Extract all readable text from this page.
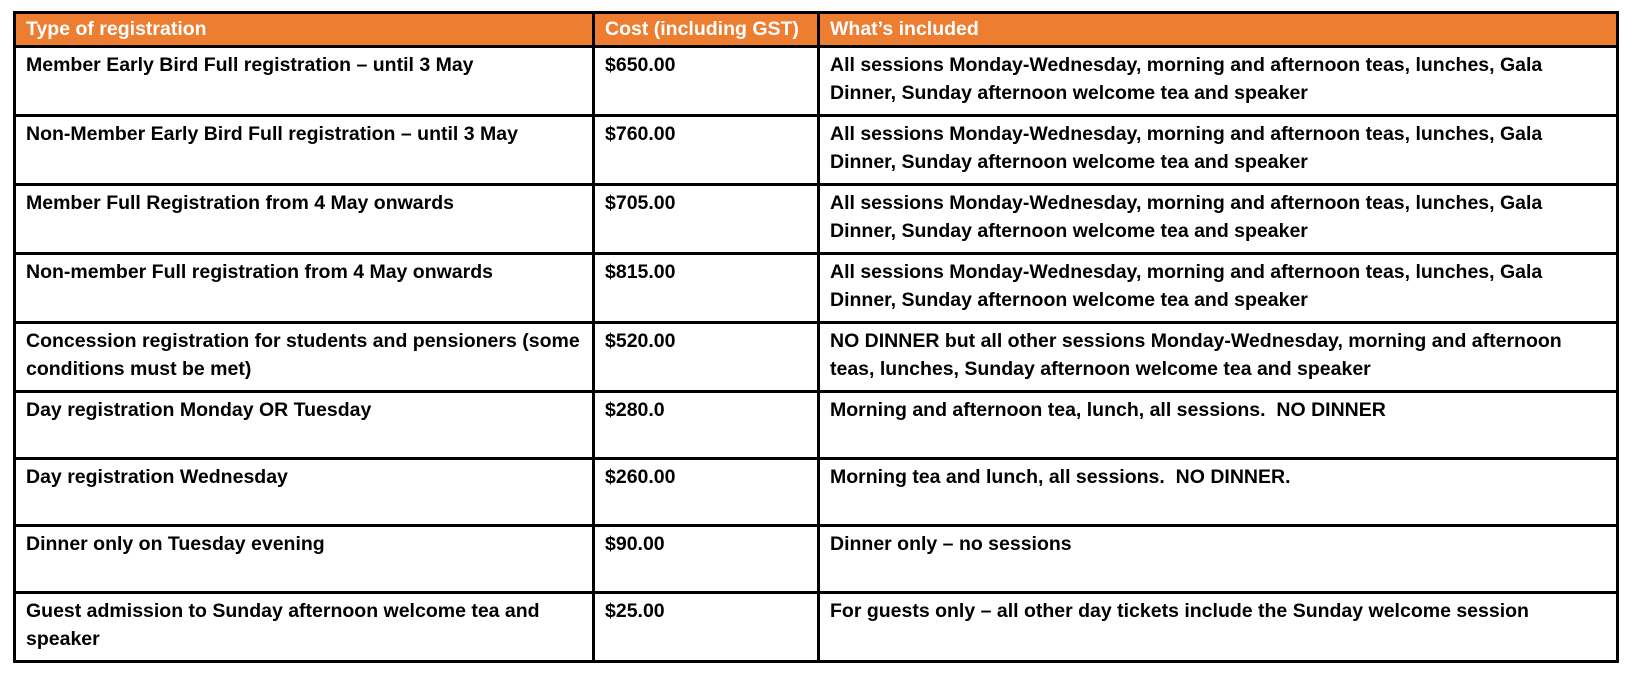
Type of registration	Cost (including GST)	What’s included
Member Early Bird Full registration – until 3 May	$650.00	All sessions Monday-Wednesday, morning and afternoon teas, lunches, Gala Dinner, Sunday afternoon welcome tea and speaker
Non-Member Early Bird Full registration – until 3 May	$760.00	All sessions Monday-Wednesday, morning and afternoon teas, lunches, Gala Dinner, Sunday afternoon welcome tea and speaker
Member Full Registration from 4 May onwards	$705.00	All sessions Monday-Wednesday, morning and afternoon teas, lunches, Gala Dinner, Sunday afternoon welcome tea and speaker
Non-member Full registration from 4 May onwards	$815.00	All sessions Monday-Wednesday, morning and afternoon teas, lunches, Gala Dinner, Sunday afternoon welcome tea and speaker
Concession registration for students and pensioners (some conditions must be met)	$520.00	NO DINNER but all other sessions Monday-Wednesday, morning and afternoon teas, lunches, Sunday afternoon welcome tea and speaker
Day registration Monday OR Tuesday	$280.0	Morning and afternoon tea, lunch, all sessions.  NO DINNER
Day registration Wednesday	$260.00	Morning tea and lunch, all sessions.  NO DINNER.
Dinner only on Tuesday evening	$90.00	Dinner only – no sessions
Guest admission to Sunday afternoon welcome tea and speaker	$25.00	For guests only – all other day tickets include the Sunday welcome session
